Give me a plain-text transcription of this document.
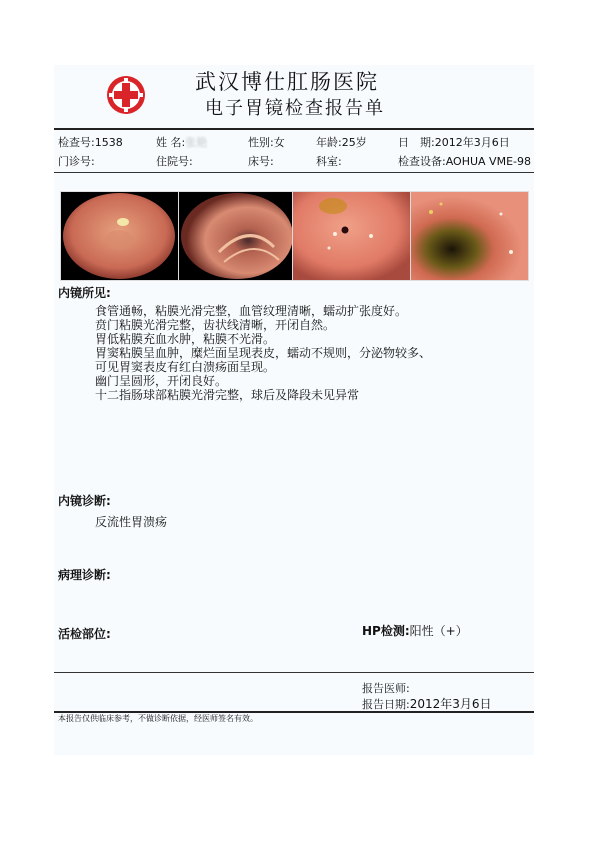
武汉博仕肛肠医院
电子胃镜检查报告单
检查号:1538	姓 名:张艳	性别:女	年龄:25岁	日　期:2012年3月6日
门诊号:	住院号:	床号:	科室:	检查设备:AOHUA VME-98
内镜所见:
食管通畅，粘膜光滑完整，血管纹理清晰，蠕动扩张度好。
贲门粘膜光滑完整，齿状线清晰，开闭自然。
胃低粘膜充血水肿，粘膜不光滑。
胃窦粘膜呈血肿，糜烂面呈现表皮，蠕动不规则，分泌物较多、
可见胃窦表皮有红白溃疡面呈现。
幽门呈圆形，开闭良好。
十二指肠球部粘膜光滑完整，球后及降段未见异常
内镜诊断:
反流性胃溃疡
病理诊断:
活检部位:	HP检测:阳性（+）
报告医师:
报告日期:2012年3月6日
本报告仅供临床参考，不做诊断依据，经医师签名有效。
